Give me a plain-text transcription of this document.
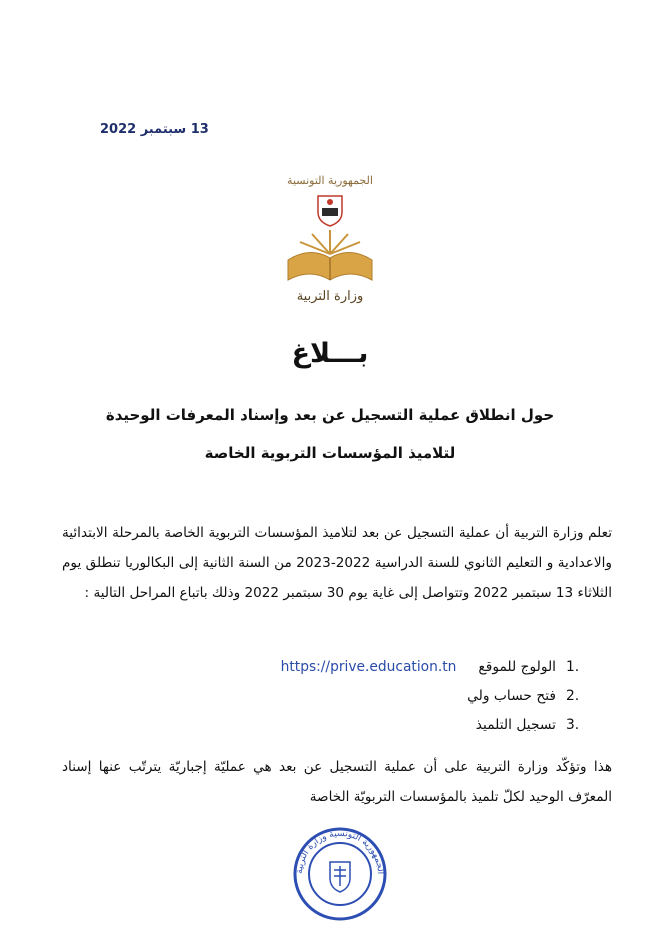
13 سبتمبر 2022
الجمهورية التونسية
وزارة التربية
بـــلاغ
حول انطلاق عملية التسجيل عن بعد وإسناد المعرفات الوحيدة
لتلاميذ المؤسسات التربوية الخاصة
تعلم وزارة التربية أن عملية التسجيل عن بعد لتلاميذ المؤسسات التربوية الخاصة بالمرحلة الابتدائية والاعدادية و التعليم الثانوي للسنة الدراسية 2022-2023 من السنة الثانية إلى البكالوريا تنطلق يوم الثلاثاء 13 سبتمبر 2022 وتتواصل إلى غاية يوم 30 سبتمبر 2022 وذلك باتباع المراحل التالية :
1.
الولوج للموقع
https://prive.education.tn
2.
فتح حساب ولي
3.
تسجيل التلميذ
هذا وتؤكّد وزارة التربية على أن عملية التسجيل عن بعد هي عمليّة إجباريّة يترتّب عنها إسناد المعرّف الوحيد لكلّ تلميذ بالمؤسسات التربويّة الخاصة
الجمهورية التونسية وزارة التربية
